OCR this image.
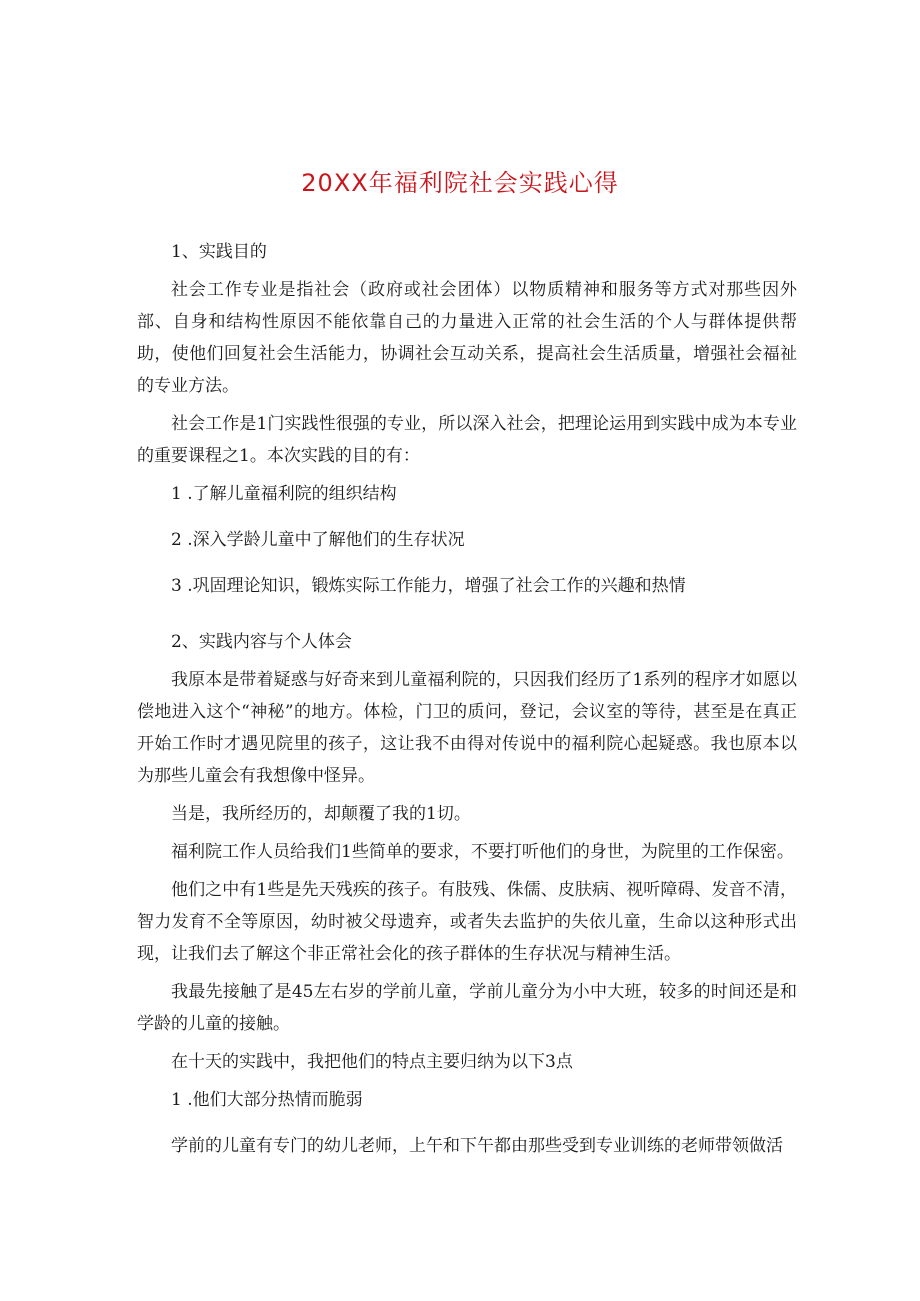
20XX年福利院社会实践心得
1、实践目的
社会工作专业是指社会（政府或社会团体）以物质精神和服务等方式对那些因外部、自身和结构性原因不能依靠自己的力量进入正常的社会生活的个人与群体提供帮助，使他们回复社会生活能力，协调社会互动关系，提高社会生活质量，增强社会福祉的专业方法。
社会工作是1门实践性很强的专业，所以深入社会，把理论运用到实践中成为本专业的重要课程之1。本次实践的目的有：
1 .了解儿童福利院的组织结构
2 .深入学龄儿童中了解他们的生存状况
3 .巩固理论知识，锻炼实际工作能力，增强了社会工作的兴趣和热情
2、实践内容与个人体会
我原本是带着疑惑与好奇来到儿童福利院的，只因我们经历了1系列的程序才如愿以偿地进入这个“神秘”的地方。体检，门卫的质问，登记，会议室的等待，甚至是在真正开始工作时才遇见院里的孩子，这让我不由得对传说中的福利院心起疑惑。我也原本以为那些儿童会有我想像中怪异。
当是，我所经历的，却颠覆了我的1切。
福利院工作人员给我们1些简单的要求，不要打听他们的身世，为院里的工作保密。
他们之中有1些是先天残疾的孩子。有肢残、侏儒、皮肤病、视听障碍、发音不清，智力发育不全等原因，幼时被父母遗弃，或者失去监护的失依儿童，生命以这种形式出现，让我们去了解这个非正常社会化的孩子群体的生存状况与精神生活。
我最先接触了是45左右岁的学前儿童，学前儿童分为小中大班，较多的时间还是和学龄的儿童的接触。
在十天的实践中，我把他们的特点主要归纳为以下3点
1 .他们大部分热情而脆弱
学前的儿童有专门的幼儿老师，上午和下午都由那些受到专业训练的老师带领做活
